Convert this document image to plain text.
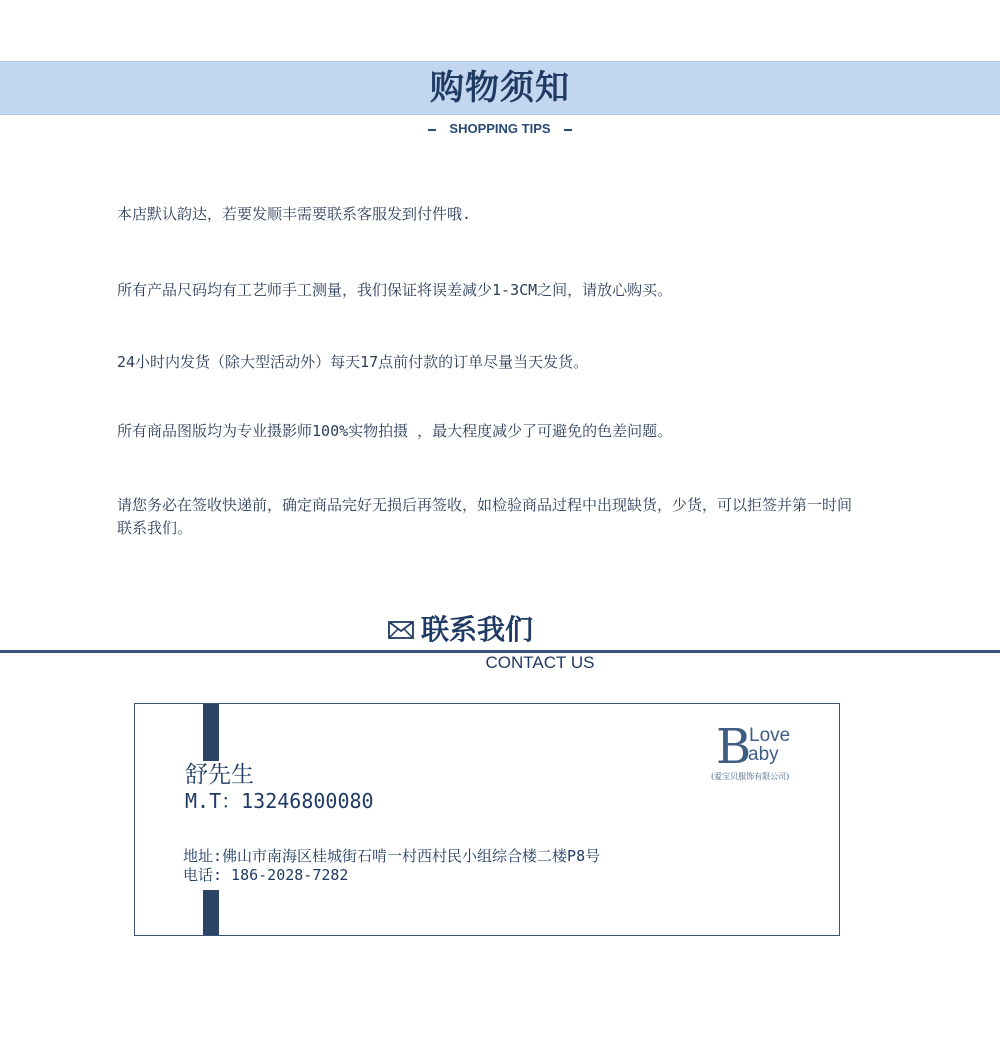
购物须知
SHOPPING TIPS

本店默认韵达，若要发顺丰需要联系客服发到付件哦.

所有产品尺码均有工艺师手工测量，我们保证将误差减少1-3CM之间，请放心购买。

24小时内发货（除大型活动外）每天17点前付款的订单尽量当天发货。

所有商品图版均为专业摄影师100%实物拍摄 ，最大程度减少了可避免的色差问题。

请您务必在签收快递前，确定商品完好无损后再签收，如检验商品过程中出现缺货，少货，可以拒签并第一时间联系我们。

联系我们
CONTACT US
舒先生
M.T：13246800080
地址:佛山市南海区桂城街石啃一村西村民小组综合楼二楼P8号
电话: 186-2028-7282
B
Love
aby
(爱宝贝服饰有限公司)
